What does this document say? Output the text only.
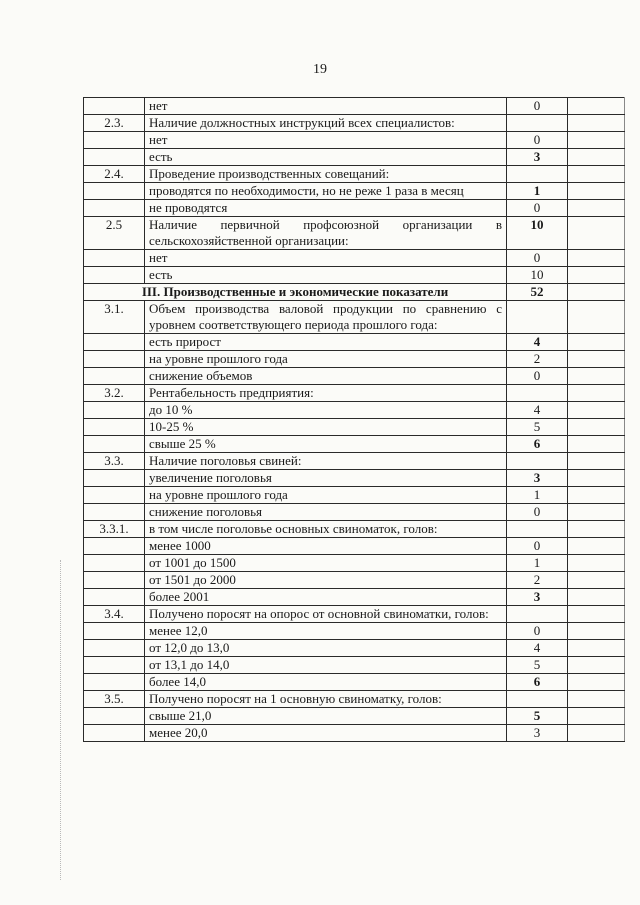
19
	нет	0	
2.3.	Наличие должностных инструкций всех специалистов:		
	нет	0	
	есть	3	
2.4.	Проведение производственных совещаний:		
	проводятся по необходимости, но не реже 1 раза в месяц	1	
	не проводятся	0	
2.5	Наличие первичной профсоюзной организации в сельскохозяйственной организации:	10	
	нет	0	
	есть	10	
III. Производственные и экономические показатели		52	
3.1.	Объем производства валовой продукции по сравнению с уровнем соответствующего периода прошлого года:		
	есть прирост	4	
	на уровне прошлого года	2	
	снижение объемов	0	
3.2.	Рентабельность предприятия:		
	до 10 %	4	
	10-25 %	5	
	свыше 25 %	6	
3.3.	Наличие поголовья свиней:		
	увеличение поголовья	3	
	на уровне прошлого года	1	
	снижение поголовья	0	
3.3.1.	в том числе поголовье основных свиноматок, голов:		
	менее 1000	0	
	от 1001 до 1500	1	
	от 1501 до 2000	2	
	более 2001	3	
3.4.	Получено поросят на опорос от основной свиноматки, голов:		
	менее 12,0	0	
	от 12,0 до 13,0	4	
	от 13,1 до 14,0	5	
	более 14,0	6	
3.5.	Получено поросят на 1 основную свиноматку, голов:		
	свыше 21,0	5	
	менее 20,0	3	
